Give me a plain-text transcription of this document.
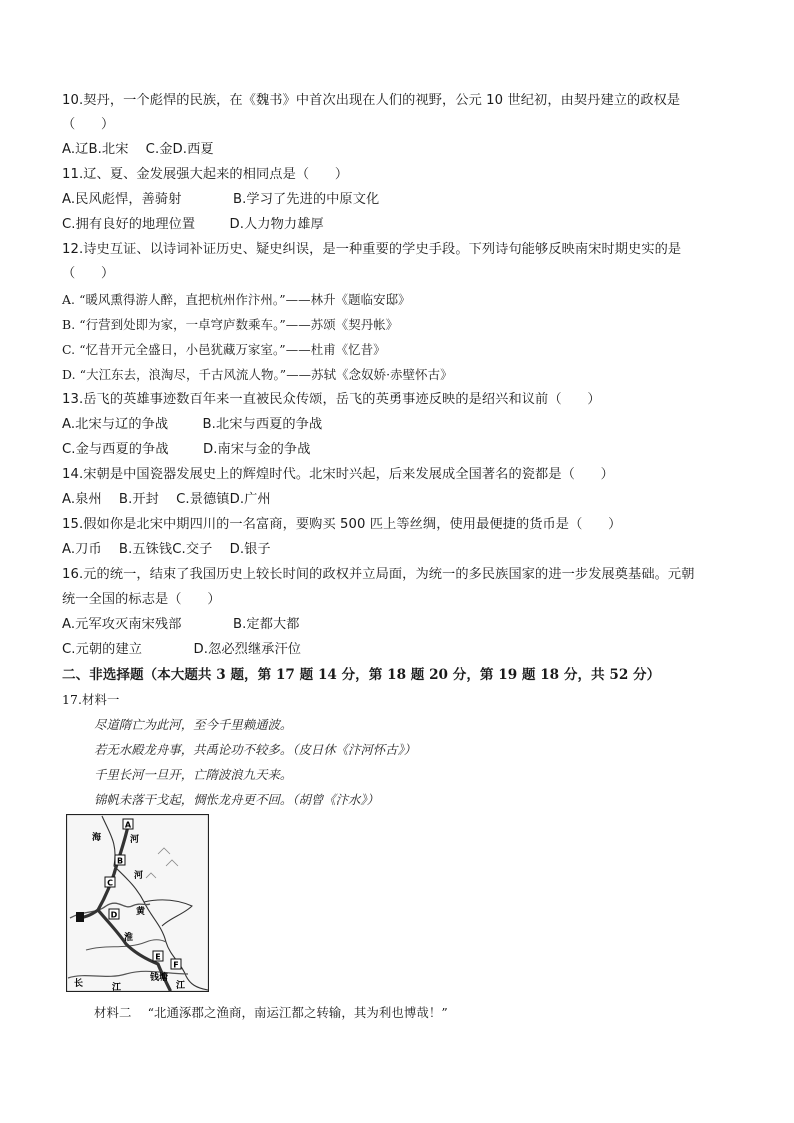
10.契丹，一个彪悍的民族，在《魏书》中首次出现在人们的视野，公元 10 世纪初，由契丹建立的政权是
（      ）
A.辽B.北宋    C.金D.西夏
11.辽、夏、金发展强大起来的相同点是（      ）
A.民风彪悍，善骑射            B.学习了先进的中原文化
C.拥有良好的地理位置        D.人力物力雄厚
12.诗史互证、以诗词补证历史、疑史纠误，是一种重要的学史手段。下列诗句能够反映南宋时期史实的是
（      ）
A. “暖风熏得游人醉，直把杭州作汴州。”——林升《题临安邸》
B. “行营到处即为家，一卓穹庐数乘车。”——苏颂《契丹帐》
C. “忆昔开元全盛日，小邑犹藏万家室。”——杜甫《忆昔》
D. “大江东去，浪淘尽，千古风流人物。”——苏轼《念奴娇·赤壁怀古》
13.岳飞的英雄事迹数百年来一直被民众传颂，岳飞的英勇事迹反映的是绍兴和议前（      ）
A.北宋与辽的争战        B.北宋与西夏的争战
C.金与西夏的争战        D.南宋与金的争战
14.宋朝是中国瓷器发展史上的辉煌时代。北宋时兴起，后来发展成全国著名的瓷都是（      ）
A.泉州    B.开封    C.景德镇D.广州
15.假如你是北宋中期四川的一名富商，要购买 500 匹上等丝绸，使用最便捷的货币是（      ）
A.刀币    B.五铢钱C.交子    D.银子
16.元的统一，结束了我国历史上较长时间的政权并立局面，为统一的多民族国家的进一步发展奠基础。元朝
统一全国的标志是（      ）
A.元军攻灭南宋残部            B.定都大都
C.元朝的建立            D.忽必烈继承汗位
二、非选择题（本大题共 3 题，第 17 题 14 分，第 18 题 20 分，第 19 题 18 分，共 52 分）
17.材料一
尽道隋亡为此河，至今千里赖通波。
若无水殿龙舟事，共禹论功不较多。（皮日休《汴河怀古》）
千里长河一旦开，亡隋波浪九天来。
锦帆未落干戈起，惆怅龙舟更不回。（胡曾《汴水》）
A
B
C
D
E
F
海	河
黄
河
淮
长	江
钱塘
江
材料二    “北通涿郡之渔商，南运江都之转输，其为利也博哉！”
